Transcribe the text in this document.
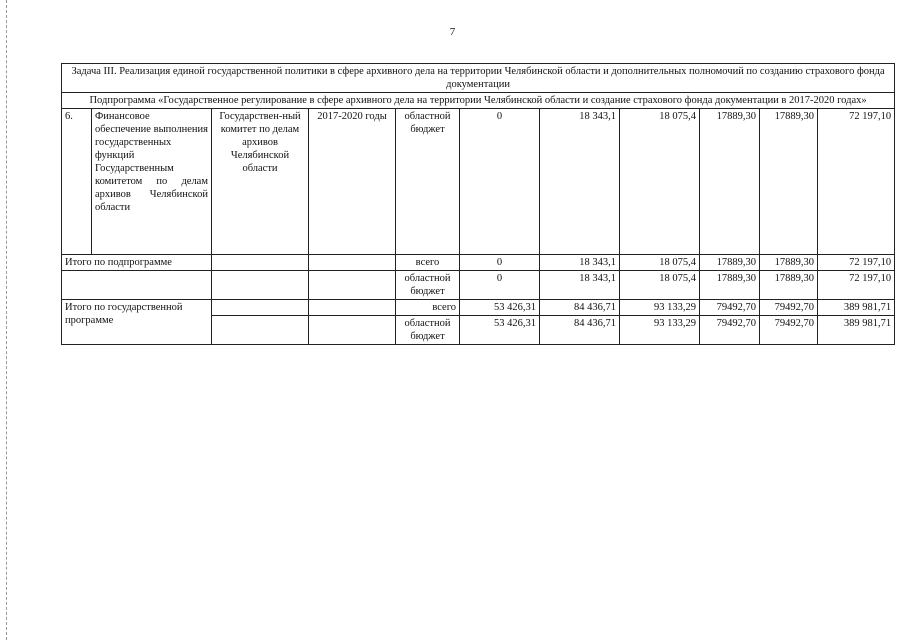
7
Задача III. Реализация единой государственной политики в сфере архивного дела на территории Челябинской области и дополнительных полномочий по созданию страхового фонда документации										
Подпрограмма «Государственное регулирование в сфере архивного дела на территории Челябинской области и создание страхового фонда документации в 2017-2020 годах»										
6.	Финансовое обеспечение выполнения государственных функций Государственным комитетом по делам архивов Челябинской области	Государствен-ный комитет по делам архивов Челябинской области	2017-2020 годы	областной бюджет	0	18 343,1	18 075,4	17889,30	17889,30	72 197,10
Итого по подпрограмме				всего	0	18 343,1	18 075,4	17889,30	17889,30	72 197,10
				областной бюджет	0	18 343,1	18 075,4	17889,30	17889,30	72 197,10
Итого по государственной программе				всего	53 426,31	84 436,71	93 133,29	79492,70	79492,70	389 981,71
				областной бюджет	53 426,31	84 436,71	93 133,29	79492,70	79492,70	389 981,71
